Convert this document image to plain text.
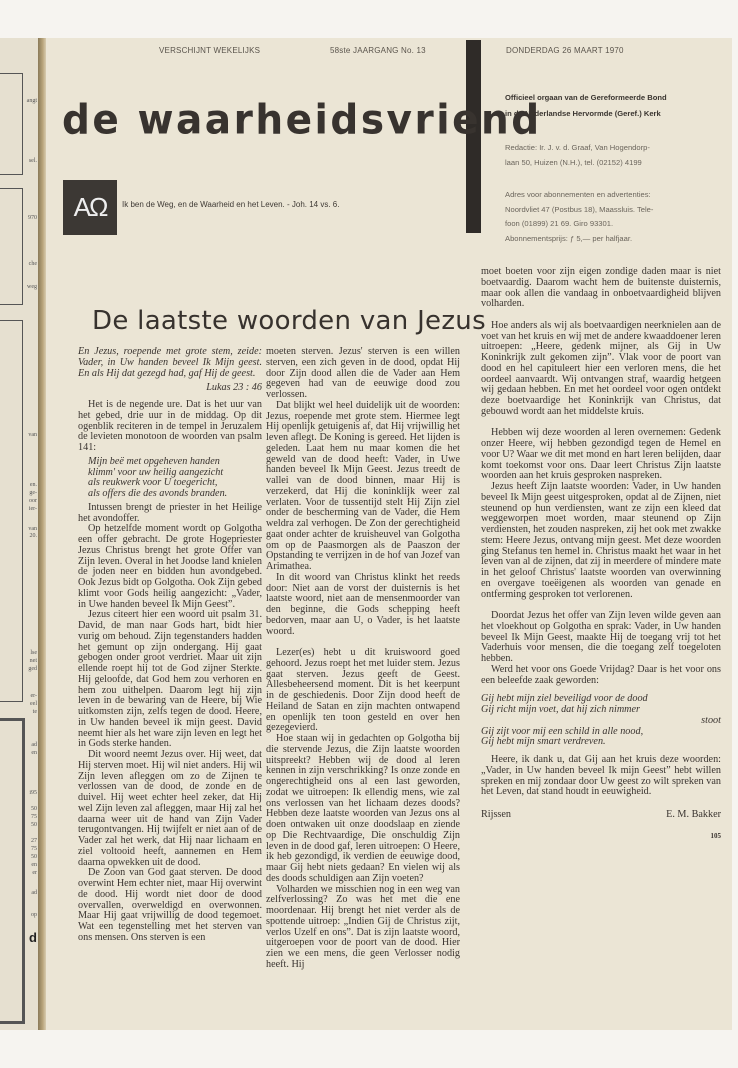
angt
sel.
970
che
weg
van
en.
ge-
oor
ier-
van
20.
lse
net
ged
er-
eel
te
ad
en
i95
50
75
50
27
75
50
en
er
ad
op
d
VERSCHIJNT WEKELIJKS	58ste JAARGANG No. 13	DONDERDAG 26 MAART 1970
de waarheidsvriend
AΩ	Ik ben de Weg, en de Waarheid en het Leven. - Joh. 14 vs. 6.
Officieel orgaan van de Gereformeerde Bond
in de Nederlandse Hervormde (Geref.) Kerk
Redactie: Ir. J. v. d. Graaf, Van Hogendorp-
laan 50, Huizen (N.H.), tel. (02152) 4199
Adres voor abonnementen en advertenties:
Noordvliet 47 (Postbus 18), Maassluis. Tele-
foon (01899) 21 69. Giro 93301.
Abonnementsprijs: ƒ 5,— per halfjaar.
De laatste woorden van Jezus

En Jezus, roepende met grote stem, zeide: Vader, in Uw handen beveel Ik Mijn geest. En als Hij dat gezegd had, gaf Hij de geest.

Lukas 23 : 46

Het is de negende ure. Dat is het uur van het gebed, drie uur in de middag. Op dit ogenblik reciteren in de tempel in Jeruzalem de levieten monotoon de woorden van psalm 141:

Mijn beë met opgeheven handen
klimm' voor uw heilig aangezicht
als reukwerk voor U toegericht,
als offers die des avonds branden.

Intussen brengt de priester in het Heilige het avondoffer.

Op hetzelfde moment wordt op Golgotha een offer gebracht. De grote Hogepriester Jezus Christus brengt het grote Offer van Zijn leven. Overal in het Joodse land knielen de joden neer en bidden hun avondgebed. Ook Jezus bidt op Golgotha. Ook Zijn gebed klimt voor Gods heilig aangezicht: „Vader, in Uwe handen beveel Ik Mijn Geest”.

Jezus citeert hier een woord uit psalm 31. David, de man naar Gods hart, bidt hier vurig om behoud. Zijn tegenstanders hadden het gemunt op zijn ondergang. Hij gaat gebogen onder groot verdriet. Maar uit zijn ellende roept hij tot de God zijner Sterkte. Hij geloofde, dat God hem zou verhoren en hem zou uithelpen. Daarom legt hij zijn leven in de bewaring van de Heere, bij Wie uitkomsten zijn, zelfs tegen de dood. Heere, in Uw handen beveel ik mijn geest. David neemt hier als het ware zijn leven en legt het in Gods sterke handen.

Dit woord neemt Jezus over. Hij weet, dat Hij sterven moet. Hij wil niet anders. Hij wil Zijn leven afleggen om zo de Zijnen te verlossen van de dood, de zonde en de duivel. Hij weet echter heel zeker, dat Hij wel Zijn leven zal afleggen, maar Hij zal het daarna weer uit de hand van Zijn Vader terugontvangen. Hij twijfelt er niet aan of de Vader zal het werk, dat Hij naar lichaam en ziel voltooid heeft, aannemen en Hem daarna opwekken uit de dood.

De Zoon van God gaat sterven. De dood overwint Hem echter niet, maar Hij overwint de dood. Hij wordt niet door de dood overvallen, overweldigd en overwonnen. Maar Hij gaat vrijwillig de dood tegemoet. Wat een tegenstelling met het sterven van ons mensen. Ons sterven is een

moeten sterven. Jezus' sterven is een willen sterven, een zich geven in de dood, opdat Hij door Zijn dood allen die de Vader aan Hem gegeven had van de eeuwige dood zou verlossen.

Dat blijkt wel heel duidelijk uit de woorden: Jezus, roepende met grote stem. Hiermee legt Hij openlijk getuigenis af, dat Hij vrijwillig het leven aflegt. De Koning is gereed. Het lijden is geleden. Laat hem nu maar komen die het geweld van de dood heeft: Vader, in Uwe handen beveel Ik Mijn Geest. Jezus treedt de vallei van de dood binnen, maar Hij is verzekerd, dat Hij die koninklijk weer zal verlaten. Voor de tussentijd stelt Hij Zijn ziel onder de bescherming van de Vader, die Hem weldra zal verhogen. De Zon der gerechtigheid gaat onder achter de kruisheuvel van Golgotha om op de Paasmorgen als de Paaszon der Opstanding te verrijzen in de hof van Jozef van Arimathea.

In dit woord van Christus klinkt het reeds door: Niet aan de vorst der duisternis is het laatste woord, niet aan de mensenmoorder van den beginne, die Gods schepping heeft bedorven, maar aan U, o Vader, is het laatste woord.

Lezer(es) hebt u dit kruiswoord goed gehoord. Jezus roept het met luider stem. Jezus gaat sterven. Jezus geeft de Geest. Allesbeheersend moment. Dit is het keerpunt in de geschiedenis. Door Zijn dood heeft de Heiland de Satan en zijn machten ontwapend en openlijk ten toon gesteld en over hen gezegevierd.

Hoe staan wij in gedachten op Golgotha bij die stervende Jezus, die Zijn laatste woorden uitspreekt? Hebben wij de dood al leren kennen in zijn verschrikking? Is onze zonde en ongerechtigheid ons al een last geworden, zodat we uitroepen: Ik ellendig mens, wie zal ons verlossen van het lichaam dezes doods? Hebben deze laatste woorden van Jezus ons al doen ontwaken uit onze doodslaap en ziende op Die Rechtvaardige, Die onschuldig Zijn leven in de dood gaf, leren uitroepen: O Heere, ik heb gezondigd, ik verdien de eeuwige dood, maar Gij hebt niets gedaan? En vielen wij als des doods schuldigen aan Zijn voeten?

Volharden we misschien nog in een weg van zelfverlossing? Zo was het met die ene moordenaar. Hij brengt het niet verder als de spottende uitroep: „Indien Gij de Christus zijt, verlos Uzelf en ons”. Dat is zijn laatste woord, uitgeroepen voor de poort van de dood. Hier zien we een mens, die geen Verlosser nodig heeft. Hij

moet boeten voor zijn eigen zondige daden maar is niet boetvaardig. Daarom wacht hem de buitenste duisternis, maar ook allen die vandaag in onboetvaardigheid blijven volharden.

Hoe anders als wij als boetvaardigen neerknielen aan de voet van het kruis en wij met de andere kwaaddoener leren uitroepen: „Heere, gedenk mijner, als Gij in Uw Koninkrijk zult gekomen zijn”. Vlak voor de poort van dood en hel capituleert hier een verloren mens, die het oordeel aanvaardt. Wij ontvangen straf, waardig hetgeen wij gedaan hebben. En met het oordeel voor ogen ontdekt deze boetvaardige het Koninkrijk van Christus, dat gebouwd wordt aan het middelste kruis.

Hebben wij deze woorden al leren overnemen: Gedenk onzer Heere, wij hebben gezondigd tegen de Hemel en voor U? Waar we dit met mond en hart leren belijden, daar komt toekomst voor ons. Daar leert Christus Zijn laatste woorden aan het kruis gesproken naspreken.

Jezus heeft Zijn laatste woorden: Vader, in Uw handen beveel Ik Mijn geest uitgesproken, opdat al de Zijnen, niet steunend op hun verdiensten, want ze zijn een kleed dat weggeworpen moet worden, maar steunend op Zijn verdiensten, het zouden naspreken, zij het ook met zwakke stem: Heere Jezus, ontvang mijn geest. Met deze woorden ging Stefanus ten hemel in. Christus maakt het waar in het leven van al de zijnen, dat zij in meerdere of mindere mate in het geloof Christus' laatste woorden van overwinning en overgave toeëigenen als woorden van genade en ontferming gesproken tot verlorenen.

Doordat Jezus het offer van Zijn leven wilde geven aan het vloekhout op Golgotha en sprak: Vader, in Uw handen beveel Ik Mijn Geest, maakte Hij de toegang vrij tot het Vaderhuis voor mensen, die die toegang zelf toegeloten hebben.

Werd het voor ons Goede Vrijdag? Daar is het voor ons een beleefde zaak geworden:

Gij hebt mijn ziel beveiligd voor de dood
Gij richt mijn voet, dat hij zich nimmer
stoot
Gij zijt voor mij een schild in alle nood,
Gij hebt mijn smart verdreven.

Heere, ik dank u, dat Gij aan het kruis deze woorden: „Vader, in Uw handen beveel Ik mijn Geest” hebt willen spreken en mij zondaar door Uw geest zo wilt spreken van het Leven, dat stand houdt in eeuwigheid.

Rijssen	E. M. Bakker
105
